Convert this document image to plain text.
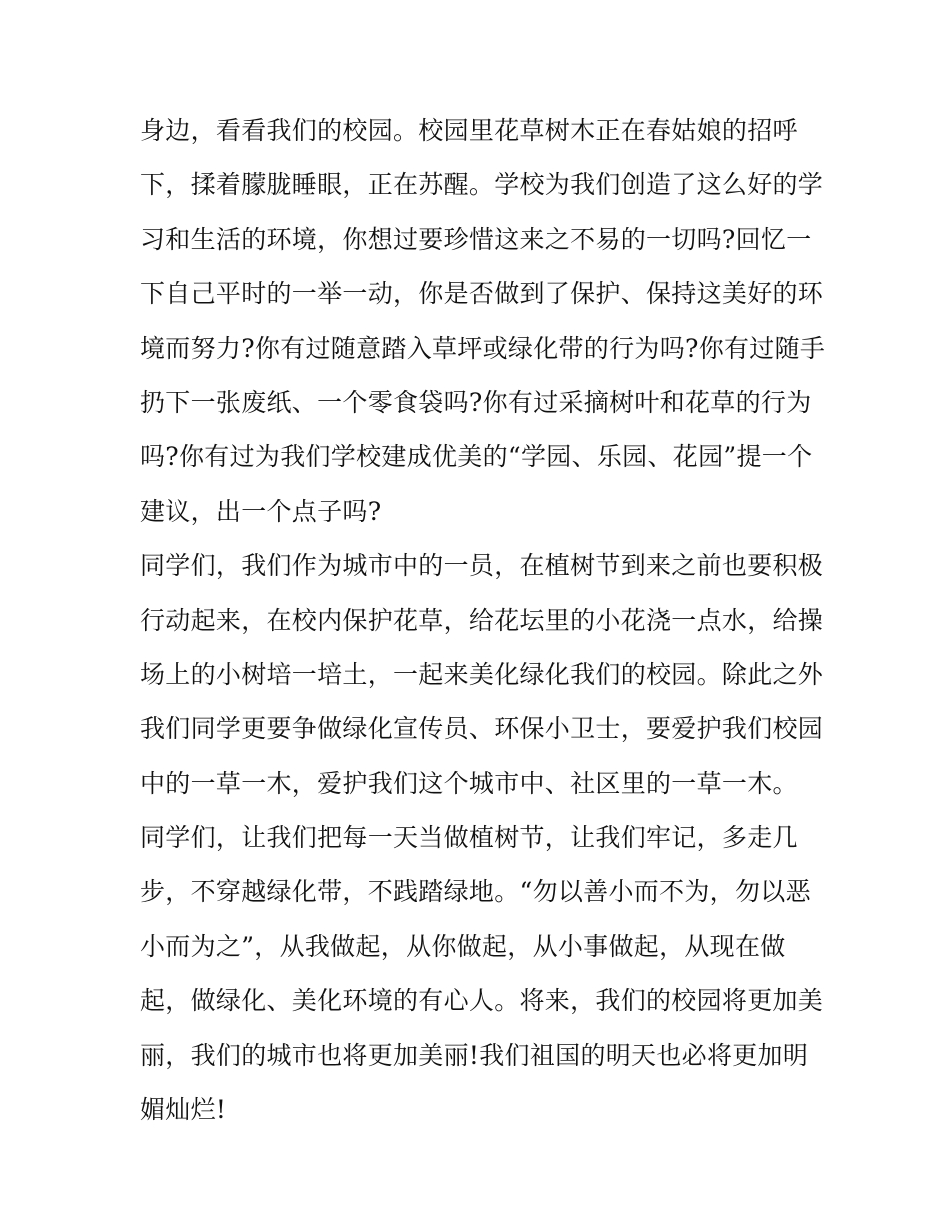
身边，看看我们的校园。校园里花草树木正在春姑娘的招呼
下，揉着朦胧睡眼，正在苏醒。学校为我们创造了这么好的学
习和生活的环境，你想过要珍惜这来之不易的一切吗?回忆一
下自己平时的一举一动，你是否做到了保护、保持这美好的环
境而努力?你有过随意踏入草坪或绿化带的行为吗?你有过随手
扔下一张废纸、一个零食袋吗?你有过采摘树叶和花草的行为
吗?你有过为我们学校建成优美的“学园、乐园、花园”提一个
建议，出一个点子吗?
同学们，我们作为城市中的一员，在植树节到来之前也要积极
行动起来，在校内保护花草，给花坛里的小花浇一点水，给操
场上的小树培一培土，一起来美化绿化我们的校园。除此之外
我们同学更要争做绿化宣传员、环保小卫士，要爱护我们校园
中的一草一木，爱护我们这个城市中、社区里的一草一木。
同学们，让我们把每一天当做植树节，让我们牢记，多走几
步，不穿越绿化带，不践踏绿地。“勿以善小而不为，勿以恶
小而为之”，从我做起，从你做起，从小事做起，从现在做
起，做绿化、美化环境的有心人。将来，我们的校园将更加美
丽，我们的城市也将更加美丽!我们祖国的明天也必将更加明
媚灿烂!
